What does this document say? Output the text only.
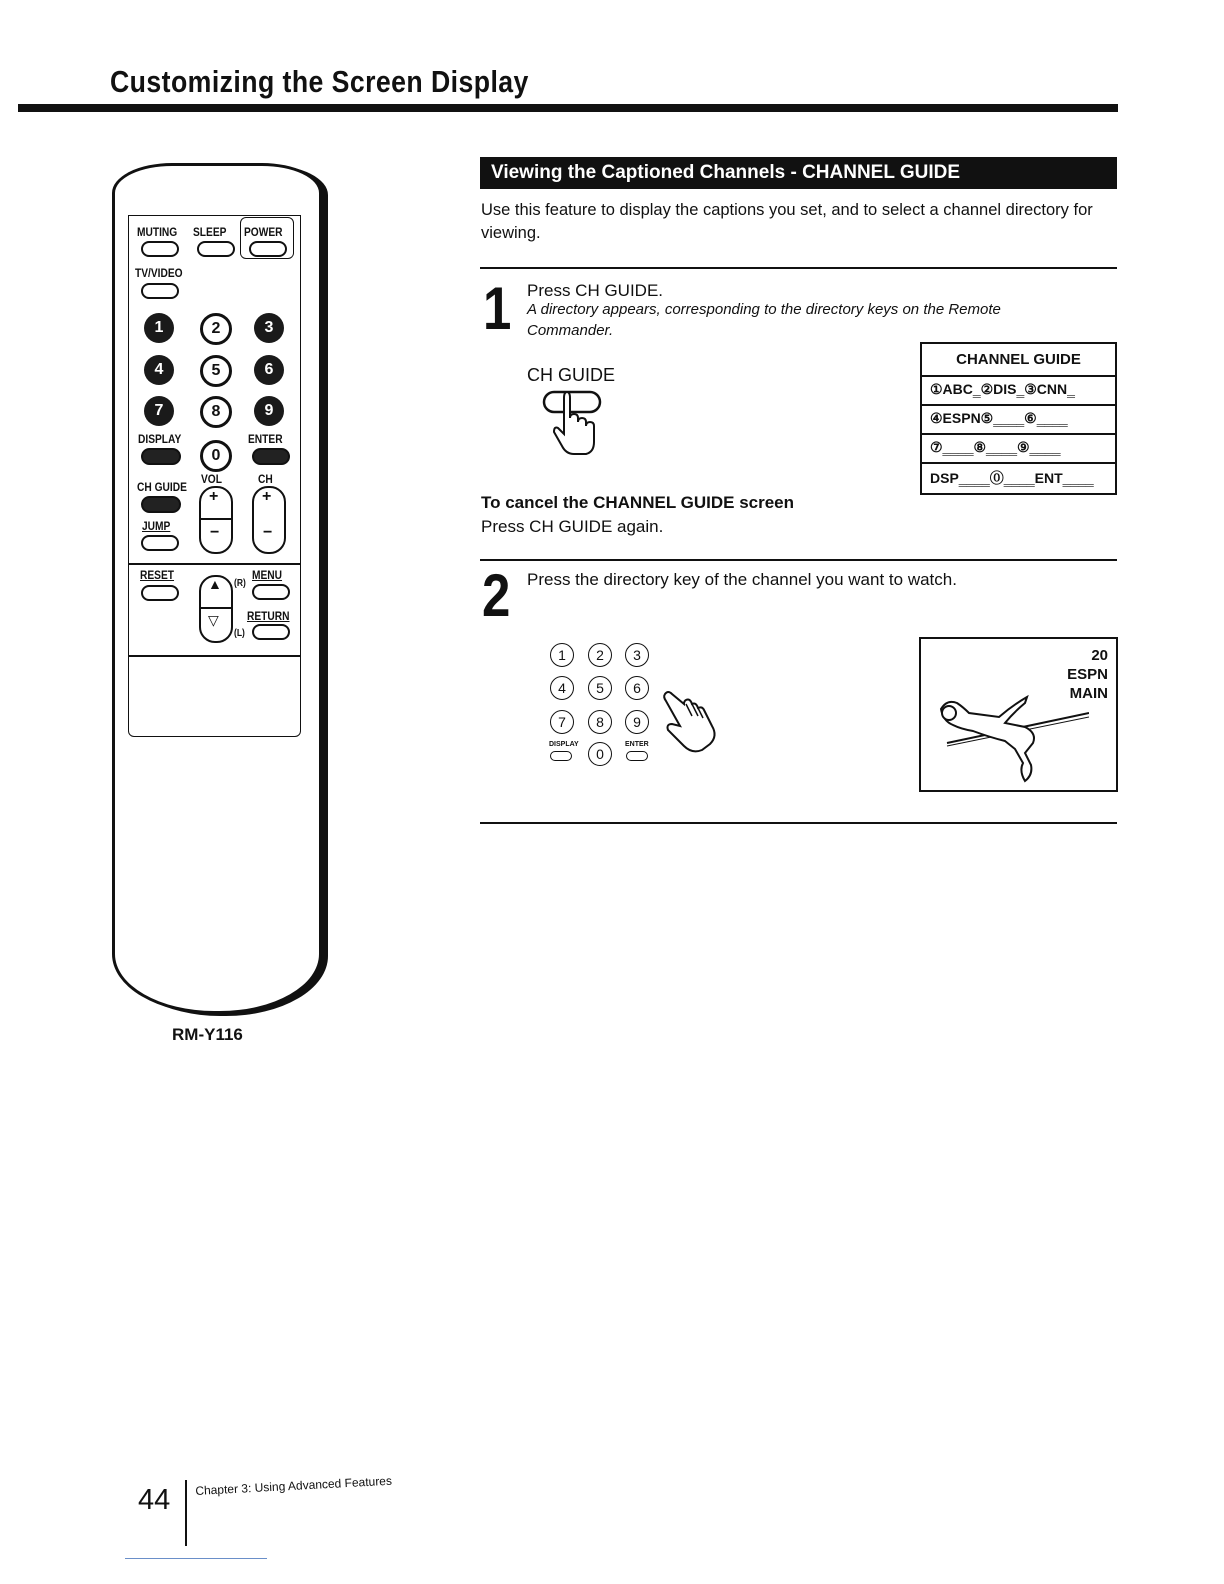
Customizing the Screen Display
MUTING SLEEP POWER
TV/VIDEO
1	2	3
4	5	6
7	8	9
DISPLAY
0
ENTER
CH GUIDE
VOL
+
−
CH
+
−
JUMP
RESET
▲
▽
(R)
(L)
MENU
RETURN
RM-Y116
Viewing the Captioned Channels - CHANNEL GUIDE
Use this feature to display the captions you set, and to select a channel directory for viewing.
1 Press CH GUIDE.
A directory appears, corresponding to the directory keys on the Remote Commander.
CH GUIDE
To cancel the CHANNEL GUIDE screen
Press CH GUIDE again.
CHANNEL GUIDE
①ABC‗②DIS‗③CNN‗
④ESPN⑤‗‗‗‗⑥‗‗‗‗
⑦‗‗‗‗⑧‗‗‗‗⑨‗‗‗‗
DSP‗‗‗‗⓪‗‗‗‗ENT‗‗‗‗
2 Press the directory key of the channel you want to watch.
1	2	3
4	5	6
7	8	9
DISPLAY
0
ENTER
20
ESPN
MAIN
44 Chapter 3: Using Advanced Features
